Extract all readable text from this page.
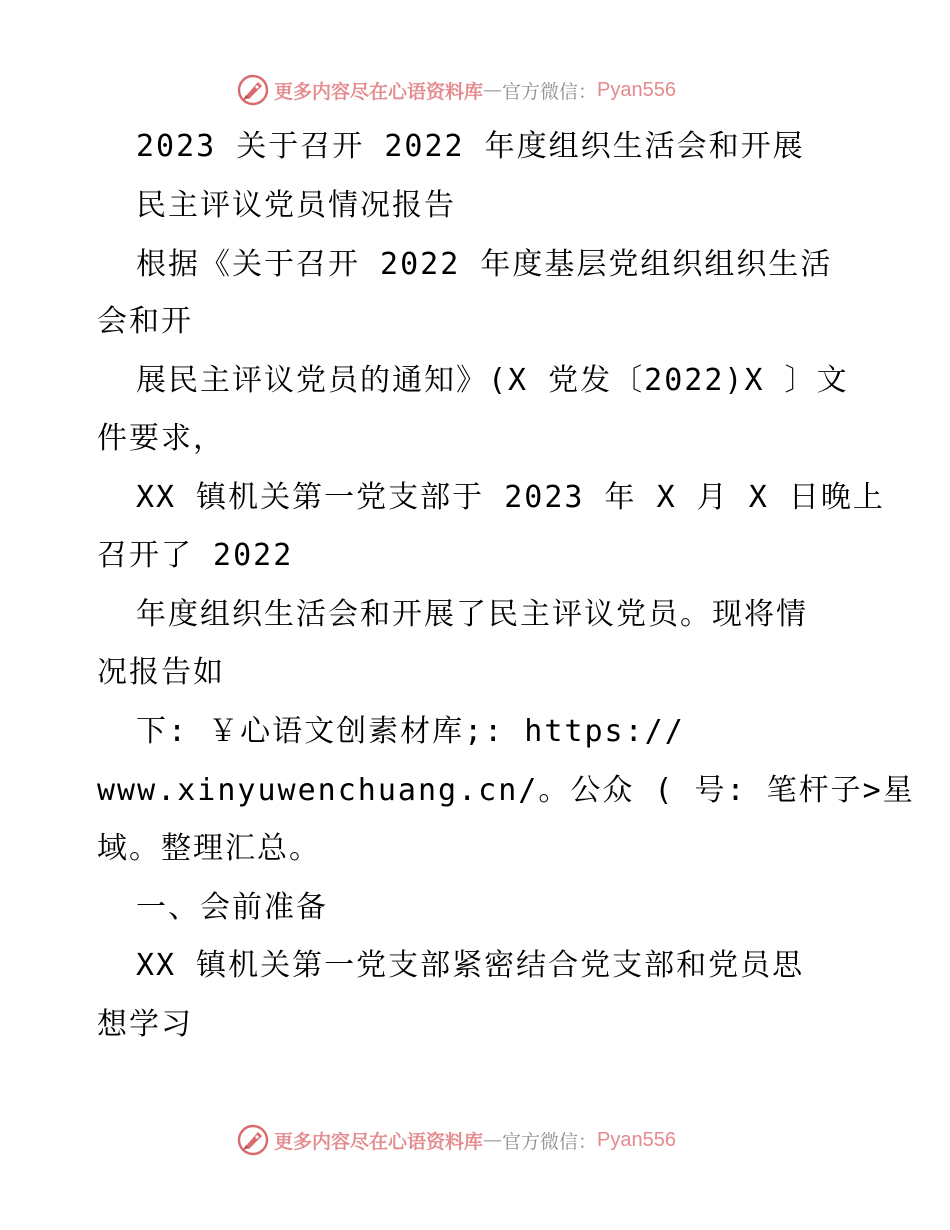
更多内容尽在心语资料库 — 官方微信： Pyan556

2023 关于召开 2022 年度组织生活会和开展

民主评议党员情况报告

根据《关于召开 2022 年度基层党组织组织生活

会和开

展民主评议党员的通知》(X 党发〔2022)X 〕文

件要求，

XX 镇机关第一党支部于 2023 年 X 月 X 日晚上

召开了 2022

年度组织生活会和开展了民主评议党员。现将情

况报告如

下: ￥心语文创素材库;: https://

www.xinyuwenchuang.cn/。公众 ( 号: 笔杆子>星

域。整理汇总。

一、会前准备

XX 镇机关第一党支部紧密结合党支部和党员思

想学习

更多内容尽在心语资料库 — 官方微信： Pyan556
